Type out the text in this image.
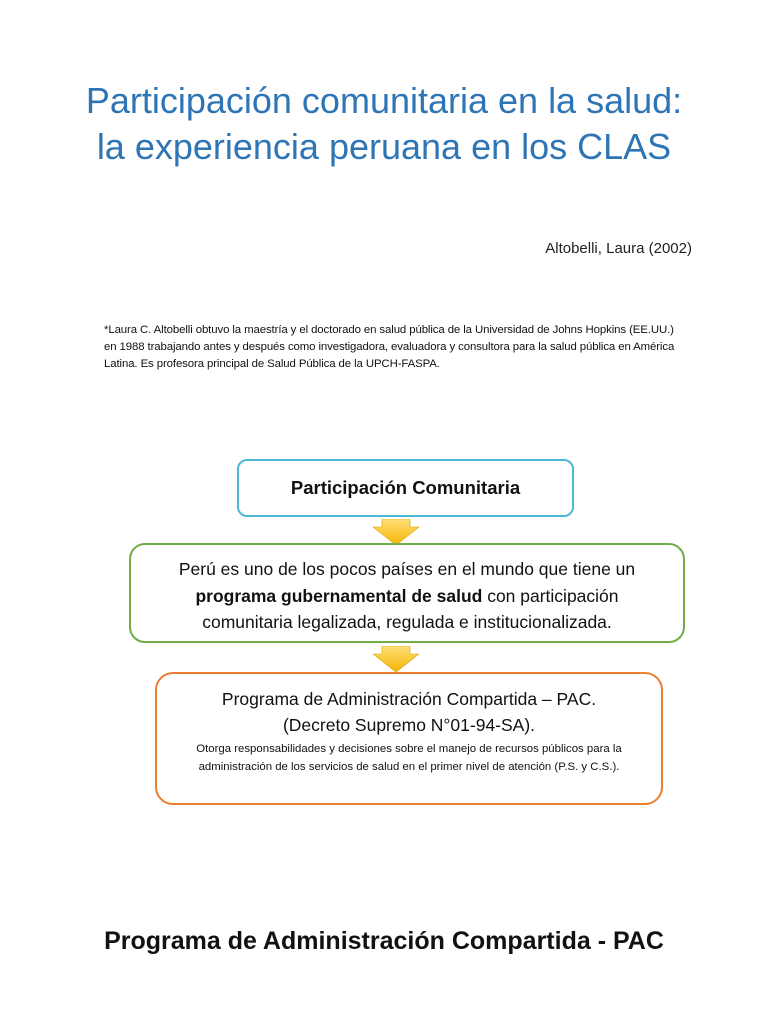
Participación comunitaria en la salud: la experiencia peruana en los CLAS
Altobelli, Laura (2002)
*Laura C. Altobelli obtuvo la maestría y el doctorado en salud pública de la Universidad de Johns Hopkins (EE.UU.) en 1988 trabajando antes y después como investigadora, evaluadora y consultora para la salud pública en América Latina. Es profesora principal de Salud Pública de la UPCH-FASPA.
Participación Comunitaria
Perú es uno de los pocos países en el mundo que tiene un
programa gubernamental de salud con participación
comunitaria legalizada, regulada e institucionalizada.
Programa de Administración Compartida – PAC.
(Decreto Supremo N°01-94-SA).
Otorga responsabilidades y decisiones sobre el manejo de recursos públicos para la administración de los servicios de salud en el primer nivel de atención (P.S. y C.S.).
Programa de Administración Compartida - PAC
